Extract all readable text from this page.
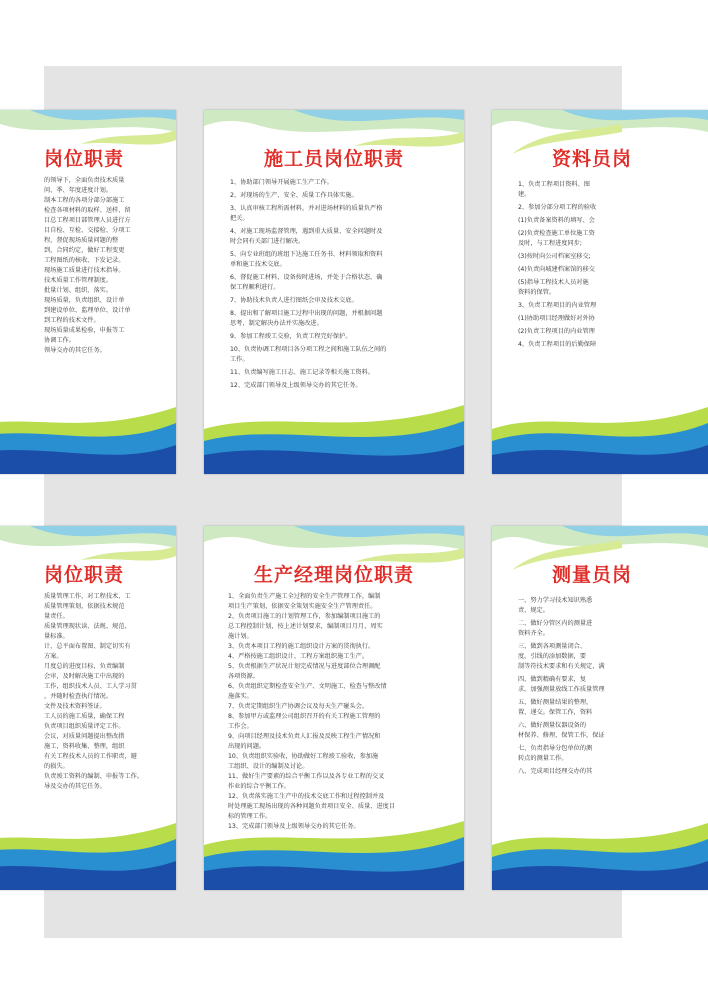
岗位职责
的领导下，全面负责技术质量
问、季、年度进度计划。
制本工程的各项分部分部施工
检查各项材料的取样、送样、留
目总工程项目部管理人员进行方
目自检、互检、交接检、分项工
程，督促现场质量问题的整
到，合同约定，做好工程变更
工程图纸的核收、下发记录。
现场施工质量进行技术指导。
技术质量工作管理制度。
批量计划、组织、落实。
现场质量，负责组织、设计单
到建设单位、监理单位、设计单
到工程的技术文件。
现场质量成果检验，申报等工
协调工作。
领导交办的其它任务。
施工员岗位职责
1、协助部门领导开展施工生产工作。
2、对现场的生产、安全、质量工作具体实施。
3、认真审核工程所需材料，并对进场材料的质量负严格
把关。
4、对施工现场监督管理，遇到重大质量、安全问题时及
时会同有关部门进行解决。
5、向专业班组的班组下达施工任务书、材料领取和资料
单和施工技术交底。
6、督促施工材料、设备按时进场，并处于合格状态，确
保工程顺利进行。
7、协助技术负责人进行图纸会审及技术交底。
8、提出和了解项目施工过程中出现的问题，并根据问题
思考，制定解决办法并实施改进。
9、参加工程竣工交验，负责工程完好保护。
10、负责协调工程项目各分项工程之间和施工队伍之间的
工作。
11、负责编写施工日志、施工记录等相关施工资料。
12、完成部门领导及上级领导交办的其它任务。
资料员岗
1、负责工程项目资料、图
建。
2、参加分部分项工程的验收
(1)负责备案资料的填写、会
(2)负责检查施工单位施工资
及时，与工程进度同步;
(3)按时向公司档案室移交;
(4)负责向城建档案馆的移交
(5)指导工程技术人员对施
资料的保管。
3、负责工程项目的内业管理
(1)协助项目经理做好对外协
(2)负责工程项目的内业管理
4、负责工程项目的后勤保障
岗位职责
质量管理工作，对工程技术、工
质量管理策划，依据技术规范
量责任。
质量管理现状读、法规、规范、
量标准。
计、总平面布置图、制定切实有
方案。
月度总的进度目标，负责编制
会审，及时解决施工中出现的
工作，组织技术人员、工人学习贯
，并随时检查执行情况。
文件及技术资料签证。
工人员的施工质量，确保工程
负责项目组织质量评定工作。
会议，对质量问题提出整改措
施工，资料收集、整理，组织
有关工程技术人员的工作职责，避
的损失。
负责竣工资料的编制、申报等工作。
导及交办的其它任务。
生产经理岗位职责
1、全面负责生产施工全过程的安全生产管理工作，编制
项目生产策划，依据安全策划实施安全生产管理责任。
2、负责项目施工的计划管理工作，参加编制项目施工的
总工程控制计划，按上述计划要求，编制项目月月、周实
施计划。
3、负责本项目工程的施工组织设计方案的贯彻执行。
4、严格按施工组织设计、工程方案组织施工生产。
5、负责根据生产状况计划完成情况与进度部位合理调配
各项资源。
6、负责组织定期检查安全生产、文明施工、检查与整改情
施落实。
7、负责定期组织生产协调会议及每天生产碰头会。
8、参加甲方或监理公司组织召开的有关工程施工管理的
工作会。
9、向项目经理及技术负责人汇报及反映工程生产情况和
出现的问题。
10、负责组织实验收，协助做好工程竣工验收，参加施
工组织、设计的编制及讨论。
11、做好生产要素的综合平衡工作以及各专业工程的交叉
作业的综合平衡工作。
12、负责落实施工生产中的技术交底工作和过程控制并及
时处理施工现场出现的各种问题负责项目安全、质量、进度目
标的管理工作。
13、完成部门领导及上级领导交办的其它任务。
测量员岗
一、努力学习技术知识熟悉
责、规定。
二、做好分管区内的测量进
资料齐全。
三、做到各项测量闭合、
度。引线的添加数据，要
制等符技术要求和有关规定，满
四、做到精确有要求，复
求。加强测量放线工作质量管理
五、做好测量结果的整理，
置、递交。保管工作，资料
六、做好测量仪器设备的
材保养、修理、保管工作，保证
七、负责指导分包单位的测
转点的测量工作。
八、完成项目经理交办的其
